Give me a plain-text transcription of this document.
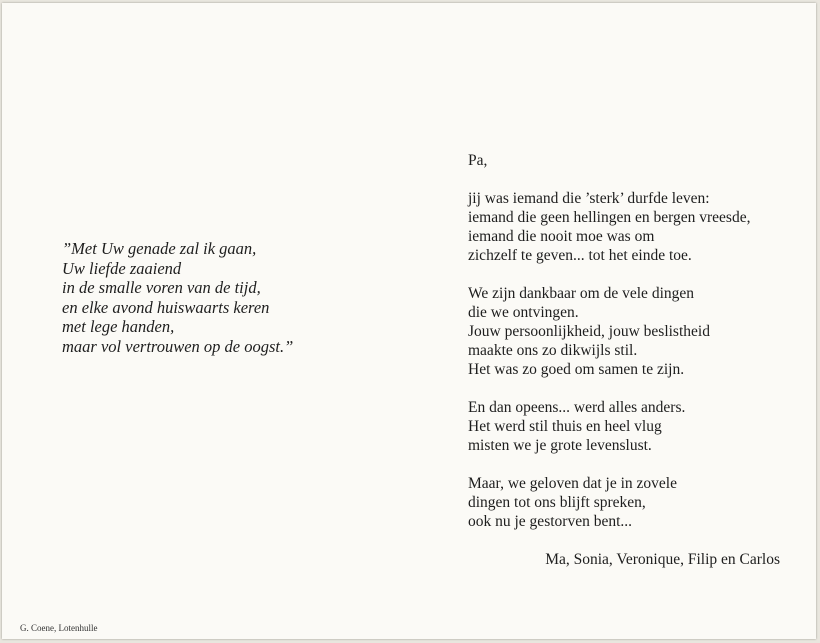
”Met Uw genade zal ik gaan,
Uw liefde zaaiend
in de smalle voren van de tijd,
en elke avond huiswaarts keren
met lege handen,
maar vol vertrouwen op de oogst.”
Pa,
jij was iemand die ’sterk’ durfde leven:
iemand die geen hellingen en bergen vreesde,
iemand die nooit moe was om
zichzelf te geven... tot het einde toe.
We zijn dankbaar om de vele dingen
die we ontvingen.
Jouw persoonlijkheid, jouw beslistheid
maakte ons zo dikwijls stil.
Het was zo goed om samen te zijn.
En dan opeens... werd alles anders.
Het werd stil thuis en heel vlug
misten we je grote levenslust.
Maar, we geloven dat je in zovele
dingen tot ons blijft spreken,
ook nu je gestorven bent...
Ma, Sonia, Veronique, Filip en Carlos
G. Coene, Lotenhulle
